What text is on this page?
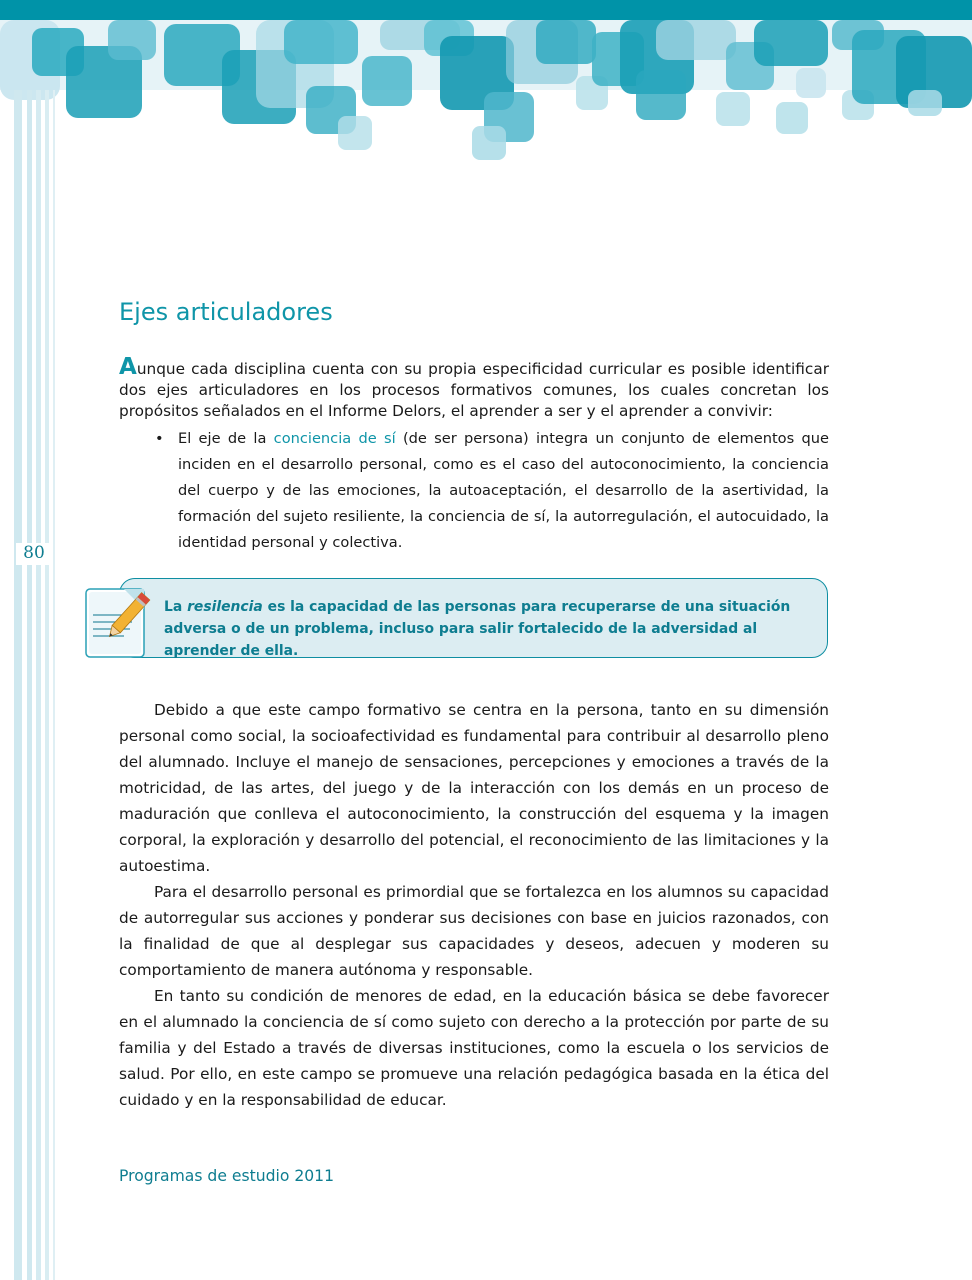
80
Ejes articuladores

Aunque cada disciplina cuenta con su propia especificidad curricular es posible identificar dos ejes articuladores en los procesos formativos comunes, los cuales concretan los propósitos señalados en el Informe Delors, el aprender a ser y el aprender a convivir:

• El eje de la conciencia de sí (de ser persona) integra un conjunto de elementos que inciden en el desarrollo personal, como es el caso del autoconocimiento, la conciencia del cuerpo y de las emociones, la autoaceptación, el desarrollo de la asertividad, la formación del sujeto resiliente, la conciencia de sí, la autorregulación, el autocuidado, la identidad personal y colectiva.

La resilencia es la capacidad de las personas para recuperarse de una situación adversa o de un problema, incluso para salir fortalecido de la adversidad al aprender de ella.

Debido a que este campo formativo se centra en la persona, tanto en su dimensión personal como social, la socioafectividad es fundamental para contribuir al desarrollo pleno del alumnado. Incluye el manejo de sensaciones, percepciones y emociones a través de la motricidad, de las artes, del juego y de la interacción con los demás en un proceso de maduración que conlleva el autoconocimiento, la construcción del esquema y la imagen corporal, la exploración y desarrollo del potencial, el reconocimiento de las limitaciones y la autoestima.

Para el desarrollo personal es primordial que se fortalezca en los alumnos su capacidad de autorregular sus acciones y ponderar sus decisiones con base en juicios razonados, con la finalidad de que al desplegar sus capacidades y deseos, adecuen y moderen su comportamiento de manera autónoma y responsable.

En tanto su condición de menores de edad, en la educación básica se debe favorecer en el alumnado la conciencia de sí como sujeto con derecho a la protección por parte de su familia y del Estado a través de diversas instituciones, como la escuela o los servicios de salud. Por ello, en este campo se promueve una relación pedagógica basada en la ética del cuidado y en la responsabilidad de educar.

Programas de estudio 2011
